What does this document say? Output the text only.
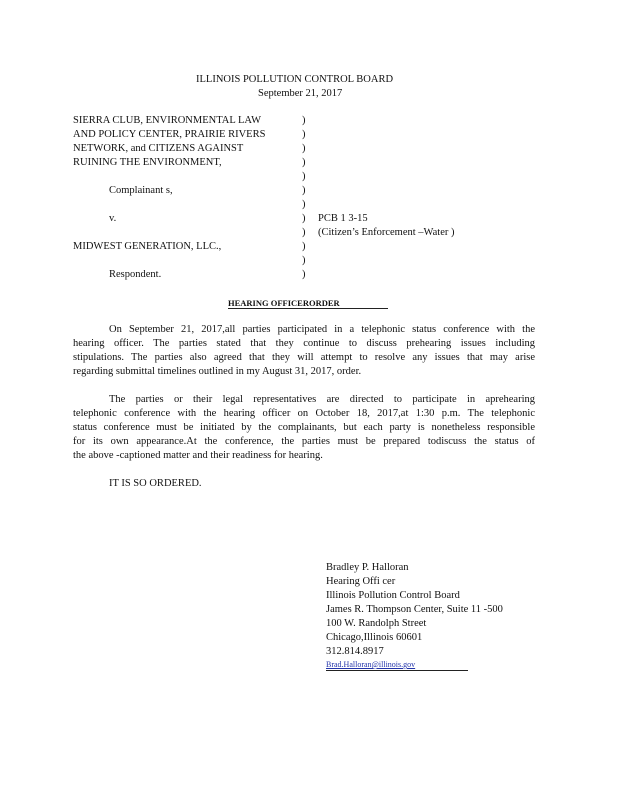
ILLINOIS POLLUTION CONTROL BOARD
September 21, 2017
SIERRA CLUB, ENVIRONMENTAL LAW
AND POLICY CENTER, PRAIRIE RIVERS
NETWORK, and CITIZENS AGAINST
RUINING THE ENVIRONMENT,
Complainant s,
v.
MIDWEST GENERATION, LLC.,
Respondent.
)
)
)
)
)
)
)
)
)
)
)
)
PCB 1 3-15
(Citizen’s Enforcement –Water )
HEARING OFFICERORDER
On September 21, 2017,all parties participated in a telephonic status conference with the
hearing officer. The parties stated that they continue to discuss prehearing issues including
stipulations. The parties also agreed that they will attempt to resolve any issues that may arise
regarding submittal timelines outlined in my August 31, 2017, order.
The parties or their legal representatives are directed to participate in aprehearing
telephonic conference with the hearing officer on October 18, 2017,at 1:30 p.m. The telephonic
status conference must be initiated by the complainants, but each party is nonetheless responsible
for its own appearance.At the conference, the parties must be prepared todiscuss the status of
the above -captioned matter and their readiness for hearing.
IT IS SO ORDERED.
Bradley P. Halloran
Hearing Offi cer
Illinois Pollution Control Board
James R. Thompson Center, Suite 11 -500
100 W. Randolph Street
Chicago,Illinois 60601
312.814.8917
Brad.Halloran@illinois.gov
